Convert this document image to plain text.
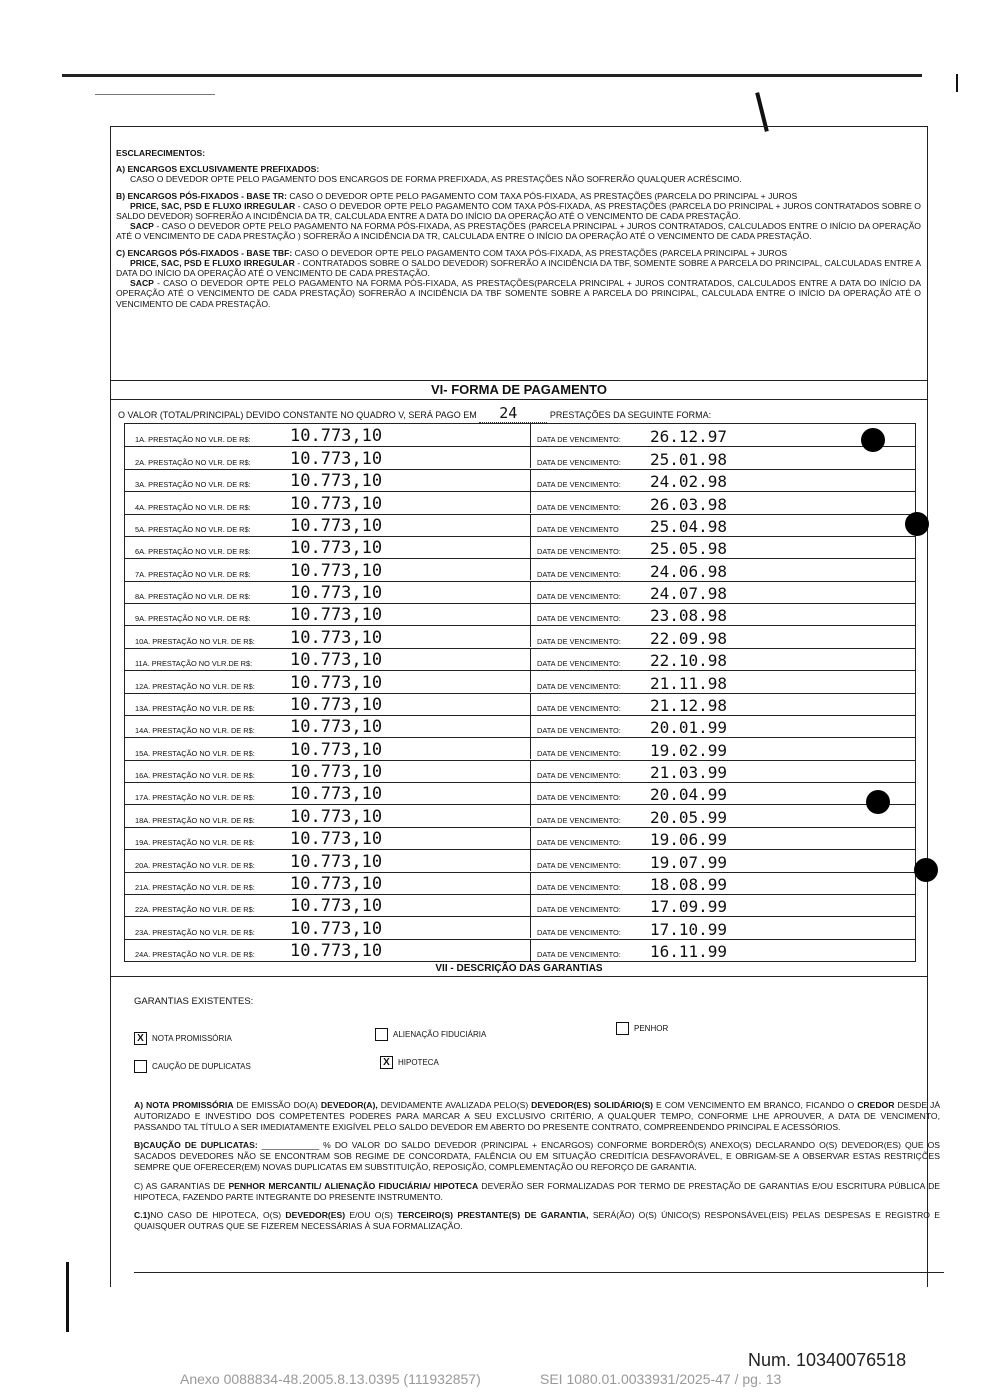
ESCLARECIMENTOS:

A) ENCARGOS EXCLUSIVAMENTE PREFIXADOS:
CASO O DEVEDOR OPTE PELO PAGAMENTO DOS ENCARGOS DE FORMA PREFIXADA, AS PRESTAÇÕES NÃO SOFRERÃO QUALQUER ACRÉSCIMO.

B) ENCARGOS PÓS-FIXADOS - BASE TR: CASO O DEVEDOR OPTE PELO PAGAMENTO COM TAXA PÓS-FIXADA, AS PRESTAÇÕES (PARCELA DO PRINCIPAL + JUROS
PRICE, SAC, PSD E FLUXO IRREGULAR - CASO O DEVEDOR OPTE PELO PAGAMENTO COM TAXA PÓS-FIXADA, AS PRESTAÇÕES (PARCELA DO PRINCIPAL + JUROS CONTRATADOS SOBRE O SALDO DEVEDOR) SOFRERÃO A INCIDÊNCIA DA TR, CALCULADA ENTRE A DATA DO INÍCIO DA OPERAÇÃO ATÉ O VENCIMENTO DE CADA PRESTAÇÃO.
SACP - CASO O DEVEDOR OPTE PELO PAGAMENTO NA FORMA PÓS-FIXADA, AS PRESTAÇÕES (PARCELA PRINCIPAL + JUROS CONTRATADOS, CALCULADOS ENTRE O INÍCIO DA OPERAÇÃO ATÉ O VENCIMENTO DE CADA PRESTAÇÃO ) SOFRERÃO A INCIDÊNCIA DA TR, CALCULADA ENTRE O INÍCIO DA OPERAÇÃO ATÉ O VENCIMENTO DE CADA PRESTAÇÃO.

C) ENCARGOS PÓS-FIXADOS - BASE TBF: CASO O DEVEDOR OPTE PELO PAGAMENTO COM TAXA PÓS-FIXADA, AS PRESTAÇÕES (PARCELA PRINCIPAL + JUROS
PRICE, SAC, PSD E FLUXO IRREGULAR - CONTRATADOS SOBRE O SALDO DEVEDOR) SOFRERÃO A INCIDÊNCIA DA TBF, SOMENTE SOBRE A PARCELA DO PRINCIPAL, CALCULADAS ENTRE A DATA DO INÍCIO DA OPERAÇÃO ATÉ O VENCIMENTO DE CADA PRESTAÇÃO.
SACP - CASO O DEVEDOR OPTE PELO PAGAMENTO NA FORMA PÓS-FIXADA, AS PRESTAÇÕES(PARCELA PRINCIPAL + JUROS CONTRATADOS, CALCULADOS ENTRE A DATA DO INÍCIO DA OPERAÇÃO ATÉ O VENCIMENTO DE CADA PRESTAÇÃO) SOFRERÃO A INCIDÊNCIA DA TBF SOMENTE SOBRE A PARCELA DO PRINCIPAL, CALCULADA ENTRE O INÍCIO DA OPERAÇÃO ATÉ O VENCIMENTO DE CADA PRESTAÇÃO.

VI- FORMA DE PAGAMENTO
O VALOR (TOTAL/PRINCIPAL) DEVIDO CONSTANTE NO QUADRO V, SERÁ PAGO EM 24	PRESTAÇÕES DA SEGUINTE FORMA:
1A. PRESTAÇÃO NO VLR. DE R$: 10.773,10	DATA DE VENCIMENTO: 26.12.97
2A. PRESTAÇÃO NO VLR. DE R$: 10.773,10	DATA DE VENCIMENTO: 25.01.98
3A. PRESTAÇÃO NO VLR. DE R$: 10.773,10	DATA DE VENCIMENTO: 24.02.98
4A. PRESTAÇÃO NO VLR. DE R$: 10.773,10	DATA DE VENCIMENTO: 26.03.98
5A. PRESTAÇÃO NO VLR. DE R$: 10.773,10	DATA DE VENCIMENTO 25.04.98
6A. PRESTAÇÃO NO VLR. DE R$: 10.773,10	DATA DE VENCIMENTO: 25.05.98
7A. PRESTAÇÃO NO VLR. DE R$: 10.773,10	DATA DE VENCIMENTO: 24.06.98
8A. PRESTAÇÃO NO VLR. DE R$: 10.773,10	DATA DE VENCIMENTO: 24.07.98
9A. PRESTAÇÃO NO VLR. DE R$: 10.773,10	DATA DE VENCIMENTO: 23.08.98
10A. PRESTAÇÃO NO VLR. DE R$: 10.773,10	DATA DE VENCIMENTO: 22.09.98
11A. PRESTAÇÃO NO VLR.DE R$: 10.773,10	DATA DE VENCIMENTO: 22.10.98
12A. PRESTAÇÃO NO VLR. DE R$: 10.773,10	DATA DE VENCIMENTO: 21.11.98
13A. PRESTAÇÃO NO VLR. DE R$: 10.773,10	DATA DE VENCIMENTO: 21.12.98
14A. PRESTAÇÃO NO VLR. DE R$: 10.773,10	DATA DE VENCIMENTO: 20.01.99
15A. PRESTAÇÃO NO VLR. DE R$: 10.773,10	DATA DE VENCIMENTO: 19.02.99
16A. PRESTAÇÃO NO VLR. DE R$: 10.773,10	DATA DE VENCIMENTO: 21.03.99
17A. PRESTAÇÃO NO VLR. DE R$: 10.773,10	DATA DE VENCIMENTO: 20.04.99
18A. PRESTAÇÃO NO VLR. DE R$: 10.773,10	DATA DE VENCIMENTO: 20.05.99
19A. PRESTAÇÃO NO VLR. DE R$: 10.773,10	DATA DE VENCIMENTO: 19.06.99
20A. PRESTAÇÃO NO VLR. DE R$: 10.773,10	DATA DE VENCIMENTO: 19.07.99
21A. PRESTAÇÃO NO VLR. DE R$: 10.773,10	DATA DE VENCIMENTO: 18.08.99
22A. PRESTAÇÃO NO VLR. DE R$: 10.773,10	DATA DE VENCIMENTO: 17.09.99
23A. PRESTAÇÃO NO VLR. DE R$: 10.773,10	DATA DE VENCIMENTO: 17.10.99
24A. PRESTAÇÃO NO VLR. DE R$: 10.773,10	DATA DE VENCIMENTO: 16.11.99
VII - DESCRIÇÃO DAS GARANTIAS
GARANTIAS EXISTENTES:
X	NOTA PROMISSÓRIA	ALIENAÇÃO FIDUCIÁRIA
PENHOR
CAUÇÃO DE DUPLICATAS	X	HIPOTECA

A) NOTA PROMISSÓRIA DE EMISSÃO DO(A) DEVEDOR(A), DEVIDAMENTE AVALIZADA PELO(S) DEVEDOR(ES) SOLIDÁRIO(S) E COM VENCIMENTO EM BRANCO, FICANDO O CREDOR DESDE JÁ AUTORIZADO E INVESTIDO DOS COMPETENTES PODERES PARA MARCAR A SEU EXCLUSIVO CRITÉRIO, A QUALQUER TEMPO, CONFORME LHE APROUVER, A DATA DE VENCIMENTO, PASSANDO TAL TÍTULO A SER IMEDIATAMENTE EXIGÍVEL PELO SALDO DEVEDOR EM ABERTO DO PRESENTE CONTRATO, COMPREENDENDO PRINCIPAL E ACESSÓRIOS.

B)CAUÇÃO DE DUPLICATAS: ____________ % DO VALOR DO SALDO DEVEDOR (PRINCIPAL + ENCARGOS) CONFORME BORDERÔ(S) ANEXO(S) DECLARANDO O(S) DEVEDOR(ES) QUE OS SACADOS DEVEDORES NÃO SE ENCONTRAM SOB REGIME DE CONCORDATA, FALÊNCIA OU EM SITUAÇÃO CREDITÍCIA DESFAVORÁVEL, E OBRIGAM-SE A OBSERVAR ESTAS RESTRIÇÕES SEMPRE QUE OFERECER(EM) NOVAS DUPLICATAS EM SUBSTITUIÇÃO, REPOSIÇÃO, COMPLEMENTAÇÃO OU REFORÇO DE GARANTIA.

C) AS GARANTIAS DE PENHOR MERCANTIL/ ALIENAÇÃO FIDUCIÁRIA/ HIPOTECA DEVERÃO SER FORMALIZADAS POR TERMO DE PRESTAÇÃO DE GARANTIAS E/OU ESCRITURA PÚBLICA DE HIPOTECA, FAZENDO PARTE INTEGRANTE DO PRESENTE INSTRUMENTO.

C.1)NO CASO DE HIPOTECA, O(S) DEVEDOR(ES) E/OU O(S) TERCEIRO(S) PRESTANTE(S) DE GARANTIA, SERÁ(ÃO) O(S) ÚNICO(S) RESPONSÁVEL(EIS) PELAS DESPESAS E REGISTRO E QUAISQUER OUTRAS QUE SE FIZEREM NECESSÁRIAS À SUA FORMALIZAÇÃO.

Num. 10340076518
Anexo 0088834-48.2005.8.13.0395 (111932857)	SEI 1080.01.0033931/2025-47 / pg. 13
